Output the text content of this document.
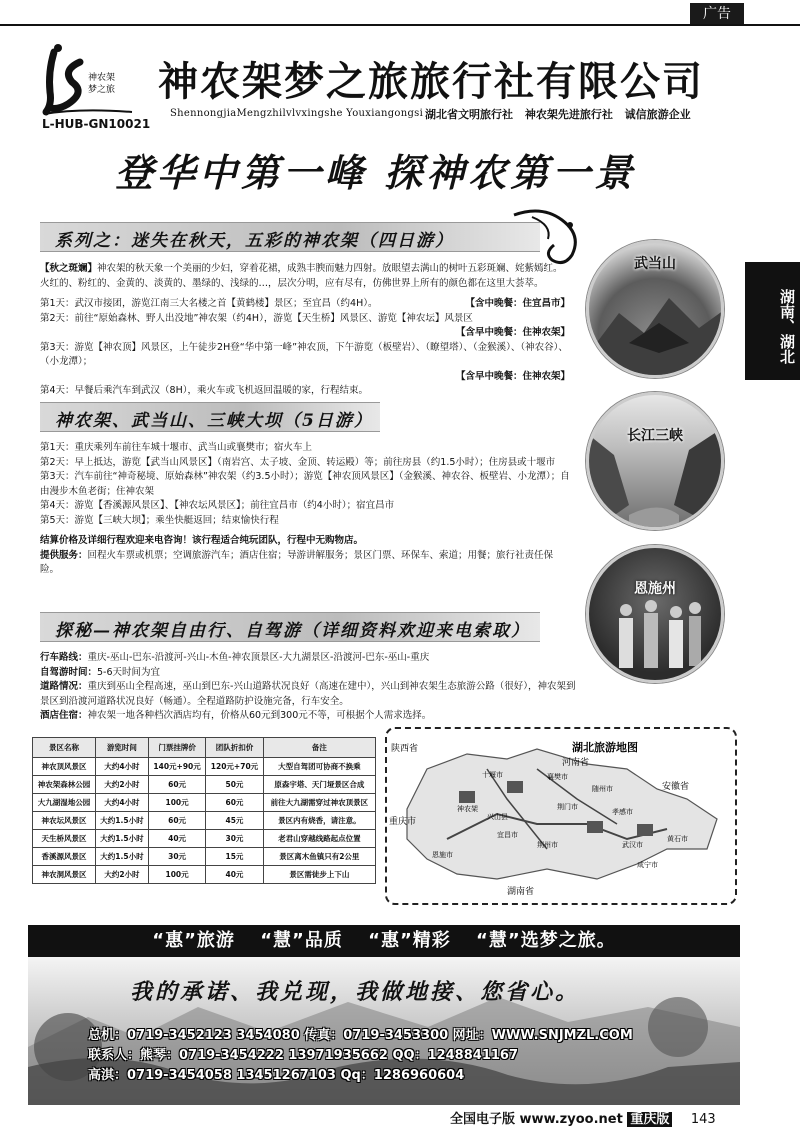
广告
神农架
梦之旅
L-HUB-GN10021
神农架梦之旅旅行社有限公司
ShennongjiaMengzhilvlvxingshe Youxiangongsi 湖北省文明旅行社 神农架先进旅行社 诚信旅游企业
登华中第一峰 探神农第一景
系列之：迷失在秋天，五彩的神农架（四日游）
【秋之斑斓】神农架的秋天象一个美丽的少妇，穿着花裙，成熟丰腴而魅力四射。放眼望去满山的树叶五彩斑斓、姹紫嫣红。火红的、粉红的、金黄的、淡黄的、墨绿的、浅绿的…，层次分明，应有尽有，仿佛世界上所有的颜色都在这里大荟萃。
第1天：武汉市接团，游览江南三大名楼之首【黄鹤楼】景区；至宜昌（约4H）。	【含中晚餐：住宜昌市】
第2天：前往“原始森林、野人出没地”神农架（约4H），游览【天生桥】风景区、游览【神农坛】风景区
【含早中晚餐：住神农架】
第3天：游览【神农顶】风景区，上午徒步2H登“华中第一峰”神农顶，下午游览（板壁岩）、（瞭望塔）、（金猴溪）、（神农谷）、（小龙潭）；
【含早中晚餐：住神农架】
第4天：早餐后乘汽车到武汉（8H），乘火车或飞机返回温暖的家，行程结束。
神农架、武当山、三峡大坝（5日游）
第1天：重庆乘列车前往车城十堰市、武当山或襄樊市；宿火车上
第2天：早上抵达，游览【武当山风景区】（南岩宫、太子坡、金顶、转运殿）等；前往房县（约1.5小时）；住房县或十堰市
第3天：汽车前往“神奇秘境、原始森林”神农架（约3.5小时）；游览【神农顶风景区】（金猴溪、神农谷、板壁岩、小龙潭）；自由漫步木鱼老街；住神农架
第4天：游览【香溪源风景区】、【神农坛风景区】；前往宜昌市（约4小时）；宿宜昌市
第5天：游览【三峡大坝】；乘坐快艇返回；结束愉快行程
结算价格及详细行程欢迎来电咨询！该行程适合纯玩团队，行程中无购物店。
提供服务：回程火车票或机票；空调旅游汽车；酒店住宿；导游讲解服务；景区门票、环保车、索道；用餐；旅行社责任保险。
探秘—神农架自由行、自驾游（详细资料欢迎来电索取）
行车路线：重庆-巫山-巴东-沿渡河-兴山-木鱼-神农顶景区-大九湖景区-沿渡河-巴东-巫山-重庆
自驾游时间：5-6天时间为宜
道路情况：重庆到巫山全程高速，巫山到巴东-兴山道路状况良好（高速在建中），兴山到神农架生态旅游公路（很好），神农架到景区到沿渡河道路状况良好（畅通）。全程道路防护设施完备，行车安全。
酒店住宿：神农架一地各种档次酒店均有，价格从60元到300元不等，可根据个人需求选择。
武当山
长江三峡
恩施州
湖南、湖北
景区名称	游览时间	门票挂牌价	团队折扣价	备注
神农顶风景区	大约4小时	140元+90元	120元+70元	大型自驾团可协商不换乘
神农架森林公园	大约2小时	60元	50元	原森宇塔、天门垭景区合成
大九湖湿地公园	大约4小时	100元	60元	前往大九湖需穿过神农顶景区
神农坛风景区	大约1.5小时	60元	45元	景区内有烧香，请注意。
天生桥风景区	大约1.5小时	40元	30元	老君山穿越线路起点位置
香溪源风景区	大约1.5小时	30元	15元	景区离木鱼镇只有2公里
神农洞风景区	大约2小时	100元	40元	景区需徒步上下山
湖北旅游地图
陕西省
河南省
安徽省
重庆市
湖南省
十堰市	襄樊市
随州市
孝感市
荆门市
荆州市
宜昌市
恩施市
武汉市
黄石市
咸宁市
神农架
兴山县
“惠”旅游 “慧”品质 “惠”精彩 “慧”选梦之旅。
我的承诺、我兑现，我做地接、您省心。
总机：0719-3452123 3454080 传真：0719-3453300 网址：WWW.SNJMZL.COM
联系人：熊琴：0719-3454222 13971935662 QQ：1248841167
高淇：0719-3454058 13451267103 Qq：1286960604
全国电子版 www.zyoo.net 重庆版 143
